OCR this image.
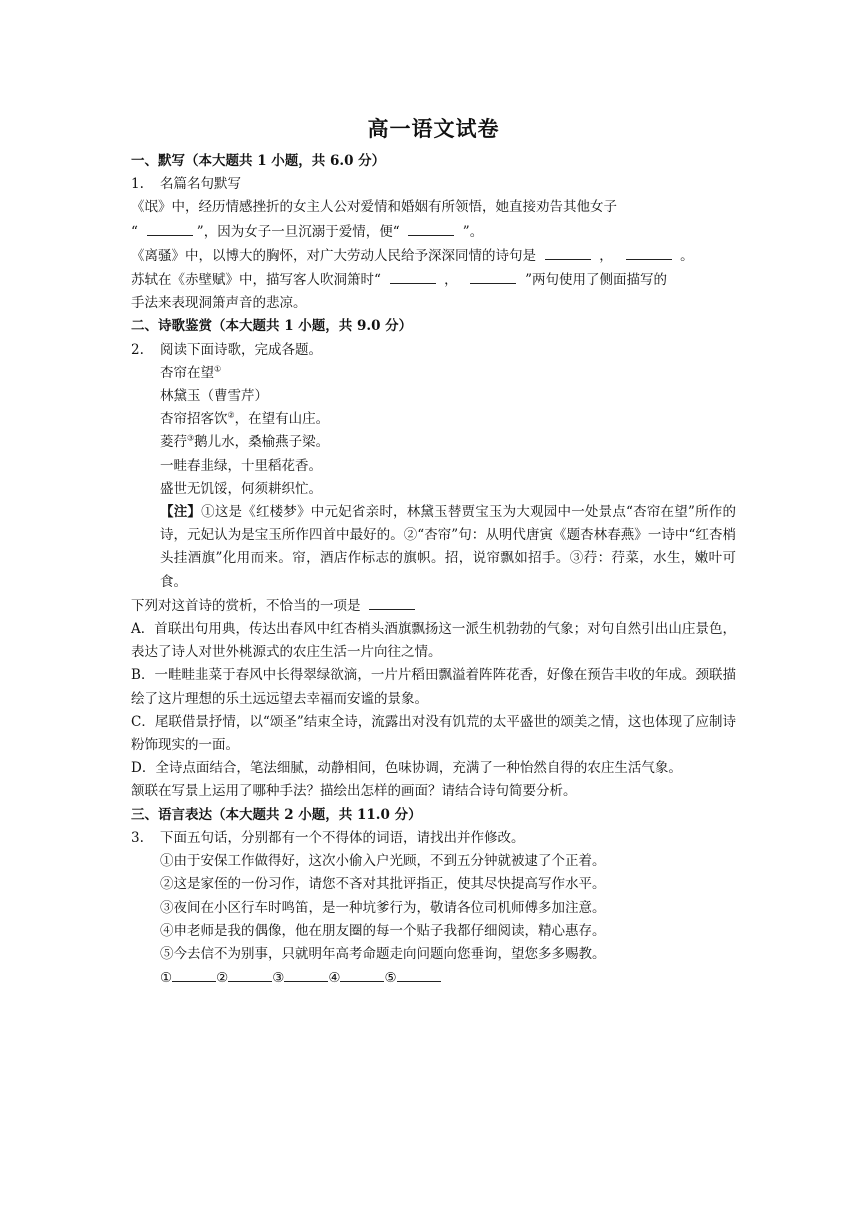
高一语文试卷
一、默写（本大题共 1 小题，共 6.0 分）
1.	名篇名句默写
《氓》中，经历情感挫折的女主人公对爱情和婚姻有所领悟，她直接劝告其他女子
“	”，因为女子一旦沉溺于爱情，便“	”。
《离骚》中，以博大的胸怀，对广大劳动人民给予深深同情的诗句是	，	。
苏轼在《赤壁赋》中，描写客人吹洞箫时“	，	”两句使用了侧面描写的
手法来表现洞箫声音的悲凉。
二、诗歌鉴赏（本大题共 1 小题，共 9.0 分）
2.	阅读下面诗歌，完成各题。
杏帘在望①
林黛玉（曹雪芹）
杏帘招客饮②，在望有山庄。
菱荇③鹅儿水，桑榆燕子梁。
一畦春韭绿，十里稻花香。
盛世无饥馁，何须耕织忙。
【注】①这是《红楼梦》中元妃省亲时，林黛玉替贾宝玉为大观园中一处景点“杏帘在望”所作的诗，元妃认为是宝玉所作四首中最好的。②“杏帘”句：从明代唐寅《题杏林春燕》一诗中“红杏梢头挂酒旗”化用而来。帘，酒店作标志的旗帜。招，说帘飘如招手。③荇：荇菜，水生，嫩叶可食。
下列对这首诗的赏析，不恰当的一项是
A．首联出句用典，传达出春风中红杏梢头酒旗飘扬这一派生机勃勃的气象；对句自然引出山庄景色，表达了诗人对世外桃源式的农庄生活一片向往之情。
B．一畦畦韭菜于春风中长得翠绿欲滴，一片片稻田飘溢着阵阵花香，好像在预告丰收的年成。颈联描绘了这片理想的乐土远远望去幸福而安谧的景象。
C．尾联借景抒情，以“颂圣”结束全诗，流露出对没有饥荒的太平盛世的颂美之情，这也体现了应制诗粉饰现实的一面。
D．全诗点面结合，笔法细腻，动静相间，色味协调，充满了一种怡然自得的农庄生活气象。
颔联在写景上运用了哪种手法？描绘出怎样的画面？请结合诗句简要分析。
三、语言表达（本大题共 2 小题，共 11.0 分）
3.	下面五句话，分别都有一个不得体的词语，请找出并作修改。
①由于安保工作做得好，这次小偷入户光顾，不到五分钟就被逮了个正着。
②这是家侄的一份习作，请您不吝对其批评指正，使其尽快提高写作水平。
③夜间在小区行车时鸣笛，是一种坑爹行为，敬请各位司机师傅多加注意。
④申老师是我的偶像，他在朋友圈的每一个贴子我都仔细阅读，精心惠存。
⑤今去信不为别事，只就明年高考命题走向问题向您垂询，望您多多赐教。
①	②	③	④	⑤
